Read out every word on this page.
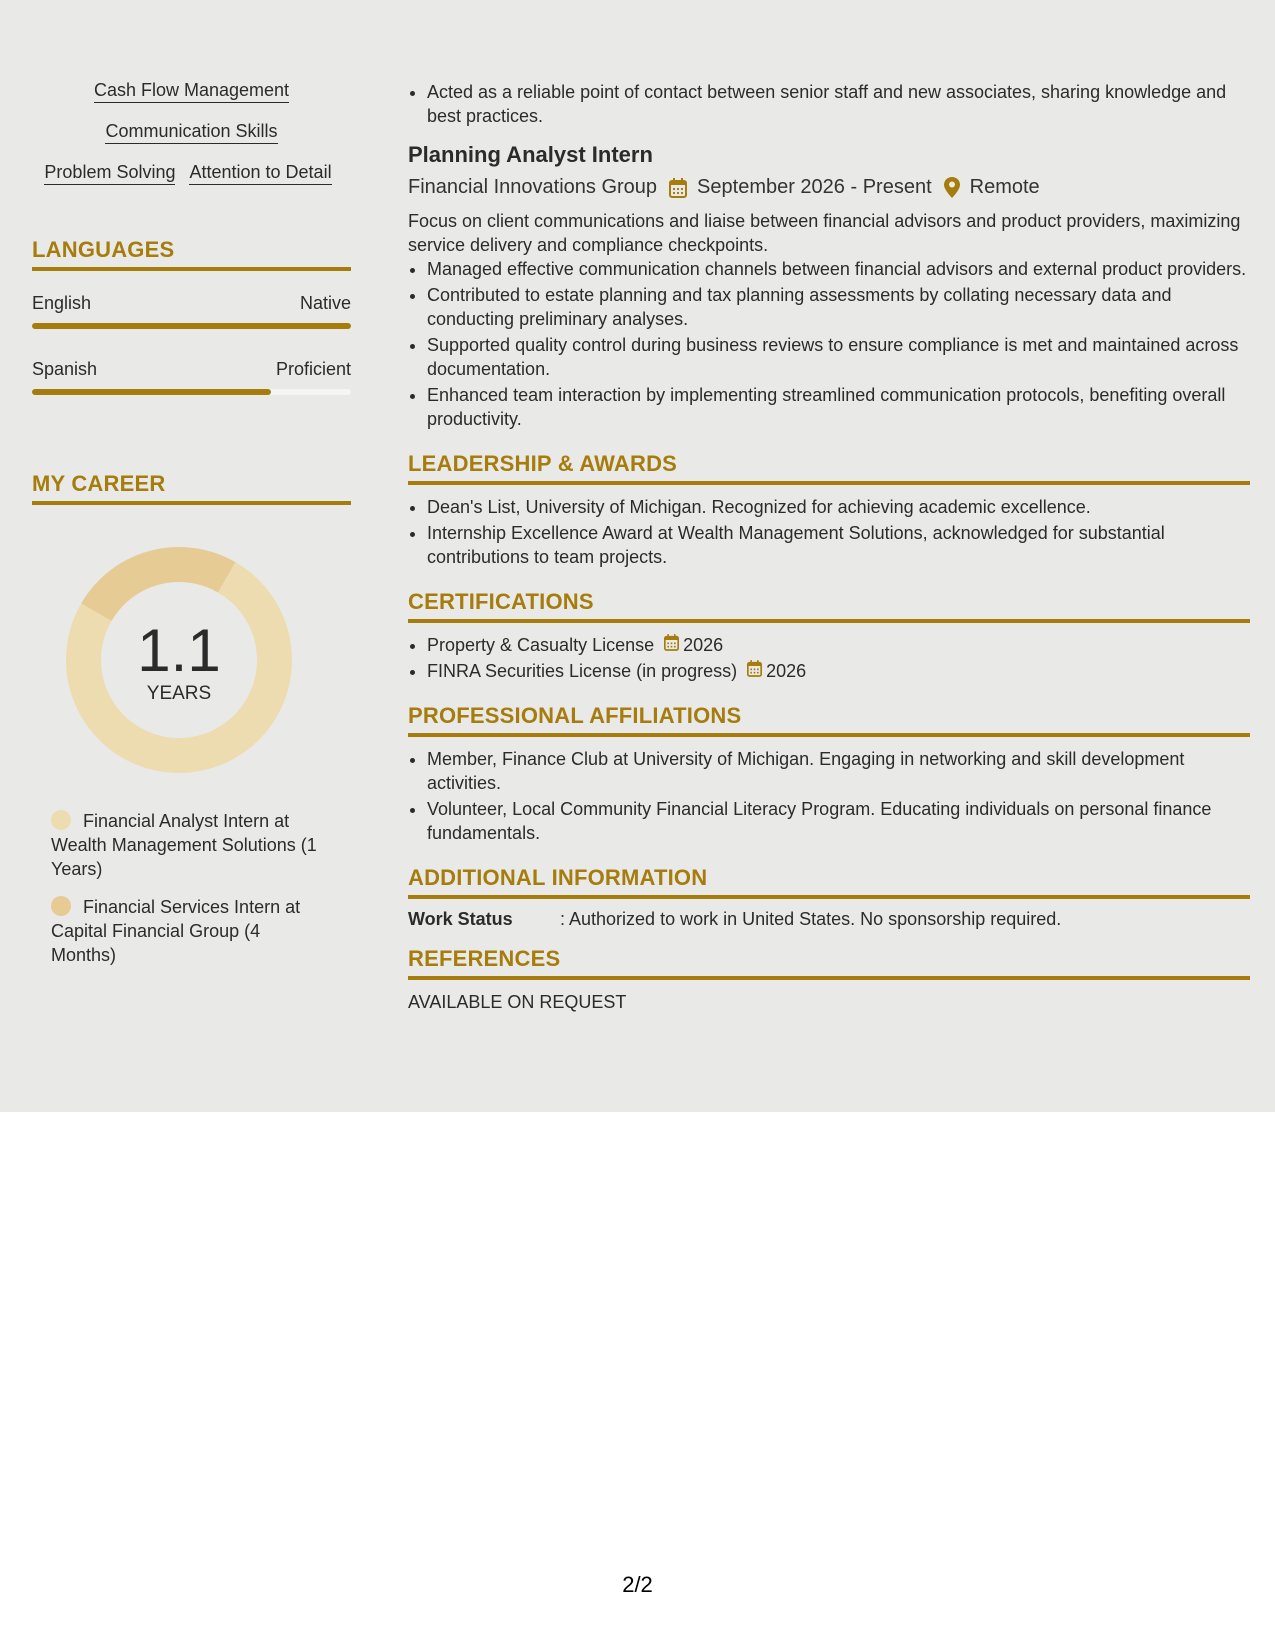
Cash Flow Management
Communication Skills
Problem Solving Attention to Detail
LANGUAGES
English	Native
Spanish	Proficient
MY CAREER
1.1
YEARS
Financial Analyst Intern at Wealth Management Solutions (1 Years)
Financial Services Intern at Capital Financial Group (4 Months)
• Acted as a reliable point of contact between senior staff and new associates, sharing knowledge and best practices.
Planning Analyst Intern
Financial Innovations Group September 2026 - Present Remote
Focus on client communications and liaise between financial advisors and product providers, maximizing service delivery and compliance checkpoints.
• Managed effective communication channels between financial advisors and external product providers.
• Contributed to estate planning and tax planning assessments by collating necessary data and conducting preliminary analyses.
• Supported quality control during business reviews to ensure compliance is met and maintained across documentation.
• Enhanced team interaction by implementing streamlined communication protocols, benefiting overall productivity.
LEADERSHIP & AWARDS
• Dean's List, University of Michigan. Recognized for achieving academic excellence.
• Internship Excellence Award at Wealth Management Solutions, acknowledged for substantial contributions to team projects.
CERTIFICATIONS
• Property & Casualty License 2026
• FINRA Securities License (in progress) 2026
PROFESSIONAL AFFILIATIONS
• Member, Finance Club at University of Michigan. Engaging in networking and skill development activities.
• Volunteer, Local Community Financial Literacy Program. Educating individuals on personal finance fundamentals.
ADDITIONAL INFORMATION
Work Status	: Authorized to work in United States. No sponsorship required.
REFERENCES
AVAILABLE ON REQUEST
2/2
